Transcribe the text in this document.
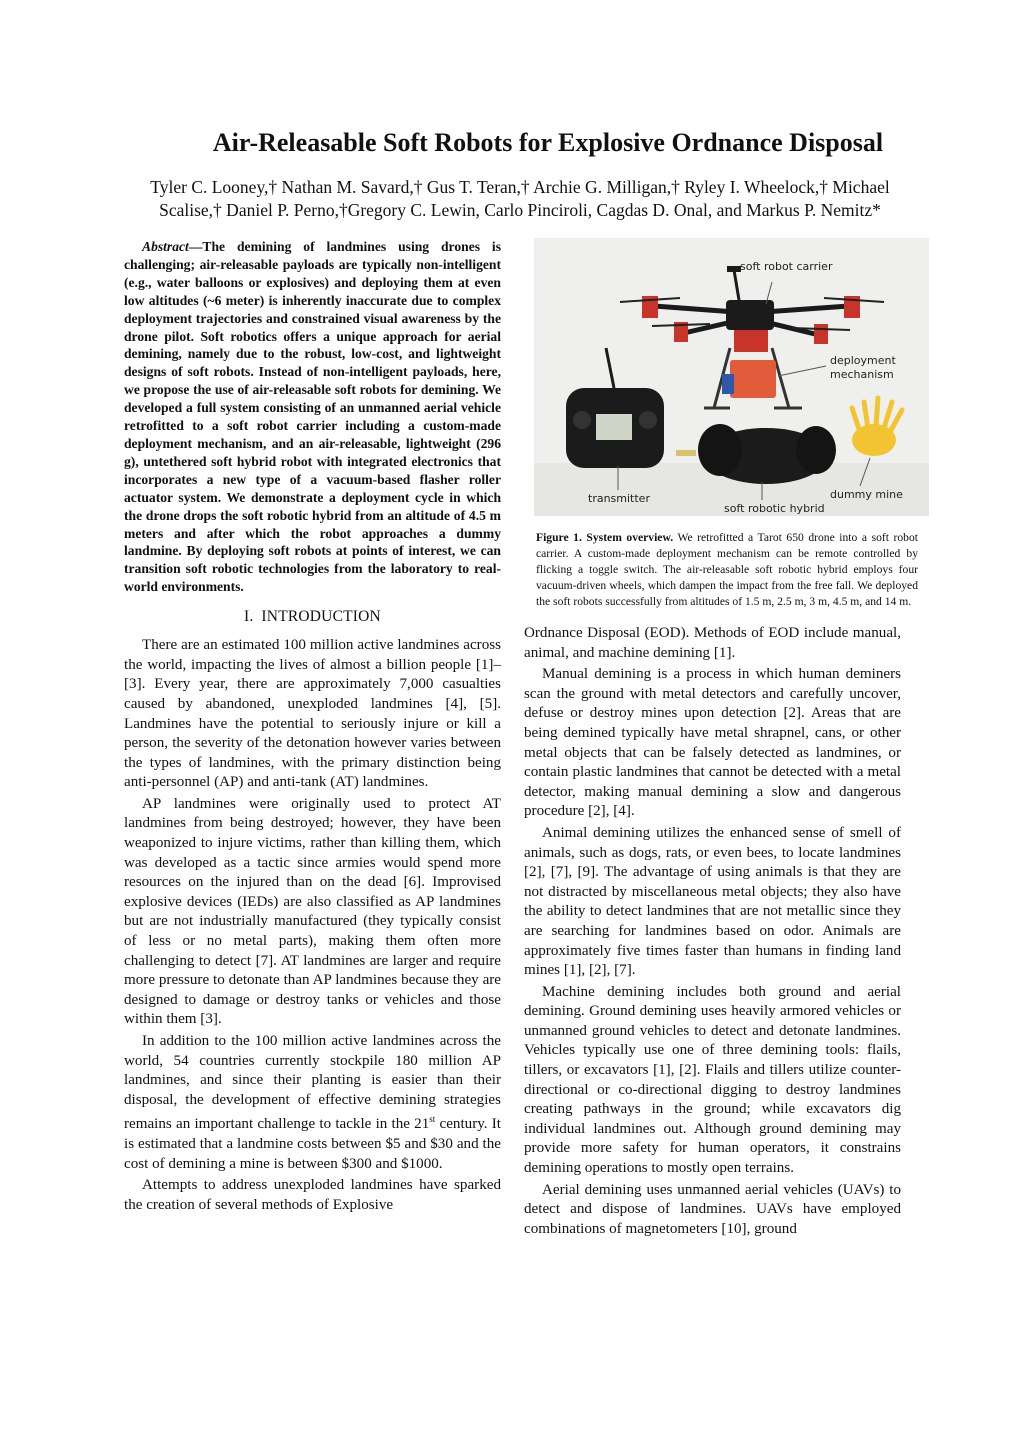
Air-Releasable Soft Robots for Explosive Ordnance Disposal
Tyler C. Looney,† Nathan M. Savard,† Gus T. Teran,† Archie G. Milligan,† Ryley I. Wheelock,† Michael
Scalise,† Daniel P. Perno,†Gregory C. Lewin, Carlo Pinciroli, Cagdas D. Onal, and Markus P. Nemitz*

Abstract—The demining of landmines using drones is challenging; air-releasable payloads are typically non-intelligent (e.g., water balloons or explosives) and deploying them at even low altitudes (~6 meter) is inherently inaccurate due to complex deployment trajectories and constrained visual awareness by the drone pilot. Soft robotics offers a unique approach for aerial demining, namely due to the robust, low-cost, and lightweight designs of soft robots. Instead of non-intelligent payloads, here, we propose the use of air-releasable soft robots for demining. We developed a full system consisting of an unmanned aerial vehicle retrofitted to a soft robot carrier including a custom-made deployment mechanism, and an air-releasable, lightweight (296 g), untethered soft hybrid robot with integrated electronics that incorporates a new type of a vacuum-based flasher roller actuator system. We demonstrate a deployment cycle in which the drone drops the soft robotic hybrid from an altitude of 4.5 m meters and after which the robot approaches a dummy landmine. By deploying soft robots at points of interest, we can transition soft robotic technologies from the laboratory to real-world environments.

I. INTRODUCTION

There are an estimated 100 million active landmines across the world, impacting the lives of almost a billion people [1]– [3]. Every year, there are approximately 7,000 casualties caused by abandoned, unexploded landmines [4], [5]. Landmines have the potential to seriously injure or kill a person, the severity of the detonation however varies between the types of landmines, with the primary distinction being anti-personnel (AP) and anti-tank (AT) landmines.

AP landmines were originally used to protect AT landmines from being destroyed; however, they have been weaponized to injure victims, rather than killing them, which was developed as a tactic since armies would spend more resources on the injured than on the dead [6]. Improvised explosive devices (IEDs) are also classified as AP landmines but are not industrially manufactured (they typically consist of less or no metal parts), making them often more challenging to detect [7]. AT landmines are larger and require more pressure to detonate than AP landmines because they are designed to damage or destroy tanks or vehicles and those within them [3].

In addition to the 100 million active landmines across the world, 54 countries currently stockpile 180 million AP landmines, and since their planting is easier than their disposal, the development of effective demining strategies remains an important challenge to tackle in the 21st century. It is estimated that a landmine costs between $5 and $30 and the cost of demining a mine is between $300 and $1000.

Attempts to address unexploded landmines have sparked the creation of several methods of Explosive

soft robot carrier
deployment
mechanism
transmitter	dummy mine
soft robotic hybrid

Figure 1. System overview. We retrofitted a Tarot 650 drone into a soft robot carrier. A custom-made deployment mechanism can be remote controlled by flicking a toggle switch. The air-releasable soft robotic hybrid employs four vacuum-driven wheels, which dampen the impact from the free fall. We deployed the soft robots successfully from altitudes of 1.5 m, 2.5 m, 3 m, 4.5 m, and 14 m.

Ordnance Disposal (EOD). Methods of EOD include manual, animal, and machine demining [1].

Manual demining is a process in which human deminers scan the ground with metal detectors and carefully uncover, defuse or destroy mines upon detection [2]. Areas that are being demined typically have metal shrapnel, cans, or other metal objects that can be falsely detected as landmines, or contain plastic landmines that cannot be detected with a metal detector, making manual demining a slow and dangerous procedure [2], [4].

Animal demining utilizes the enhanced sense of smell of animals, such as dogs, rats, or even bees, to locate landmines [2], [7], [9]. The advantage of using animals is that they are not distracted by miscellaneous metal objects; they also have the ability to detect landmines that are not metallic since they are searching for landmines based on odor. Animals are approximately five times faster than humans in finding land mines [1], [2], [7].

Machine demining includes both ground and aerial demining. Ground demining uses heavily armored vehicles or unmanned ground vehicles to detect and detonate landmines. Vehicles typically use one of three demining tools: flails, tillers, or excavators [1], [2]. Flails and tillers utilize counter- directional or co-directional digging to destroy landmines creating pathways in the ground; while excavators dig individual landmines out. Although ground demining may provide more safety for human operators, it constrains demining operations to mostly open terrains.

Aerial demining uses unmanned aerial vehicles (UAVs) to detect and dispose of landmines. UAVs have employed combinations of magnetometers [10], ground
